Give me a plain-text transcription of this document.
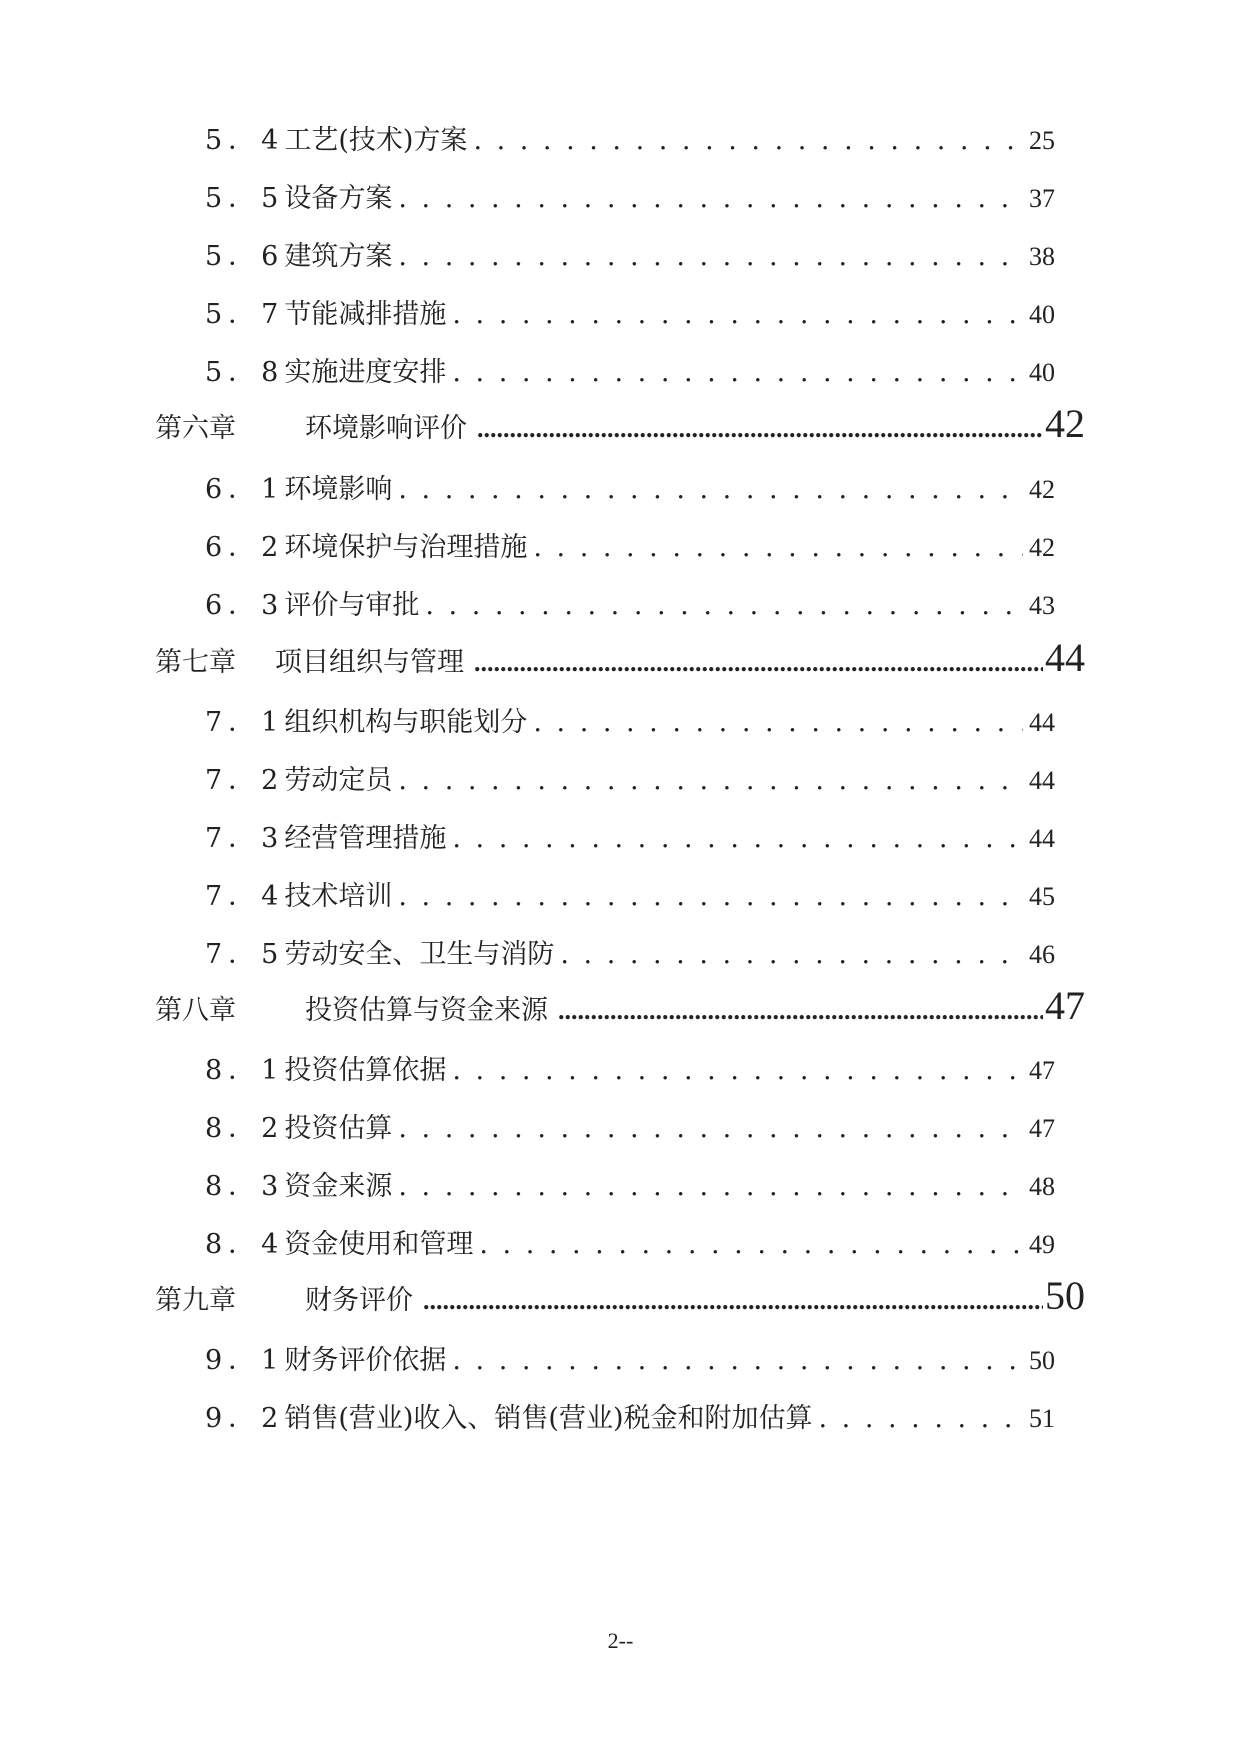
5．4 工艺(技术)方案 . . .	25
5．5 设备方案 . . .	37
5．6 建筑方案 . . .	38
5．7 节能减排措施 . . .	40
5．8 实施进度安排 . . .	40
第六章	环境影响评价 .....	42
6．1 环境影响 . . .	42
6．2 环境保护与治理措施 . . .	42
6．3 评价与审批 . . .	43
第七章	项目组织与管理 .....	44
7．1 组织机构与职能划分 . . .	44
7．2 劳动定员 . . .	44
7．3 经营管理措施 . . .	44
7．4 技术培训 . . .	45
7．5 劳动安全、卫生与消防 . . .	46
第八章	投资估算与资金来源 .....	47
8．1 投资估算依据 . . .	47
8．2 投资估算 . . .	47
8．3 资金来源 . . .	48
8．4 资金使用和管理 . . .	49
第九章	财务评价 .....	50
9．1 财务评价依据 . . .	50
9．2 销售(营业)收入、销售(营业)税金和附加估算 . . .	51
2--
